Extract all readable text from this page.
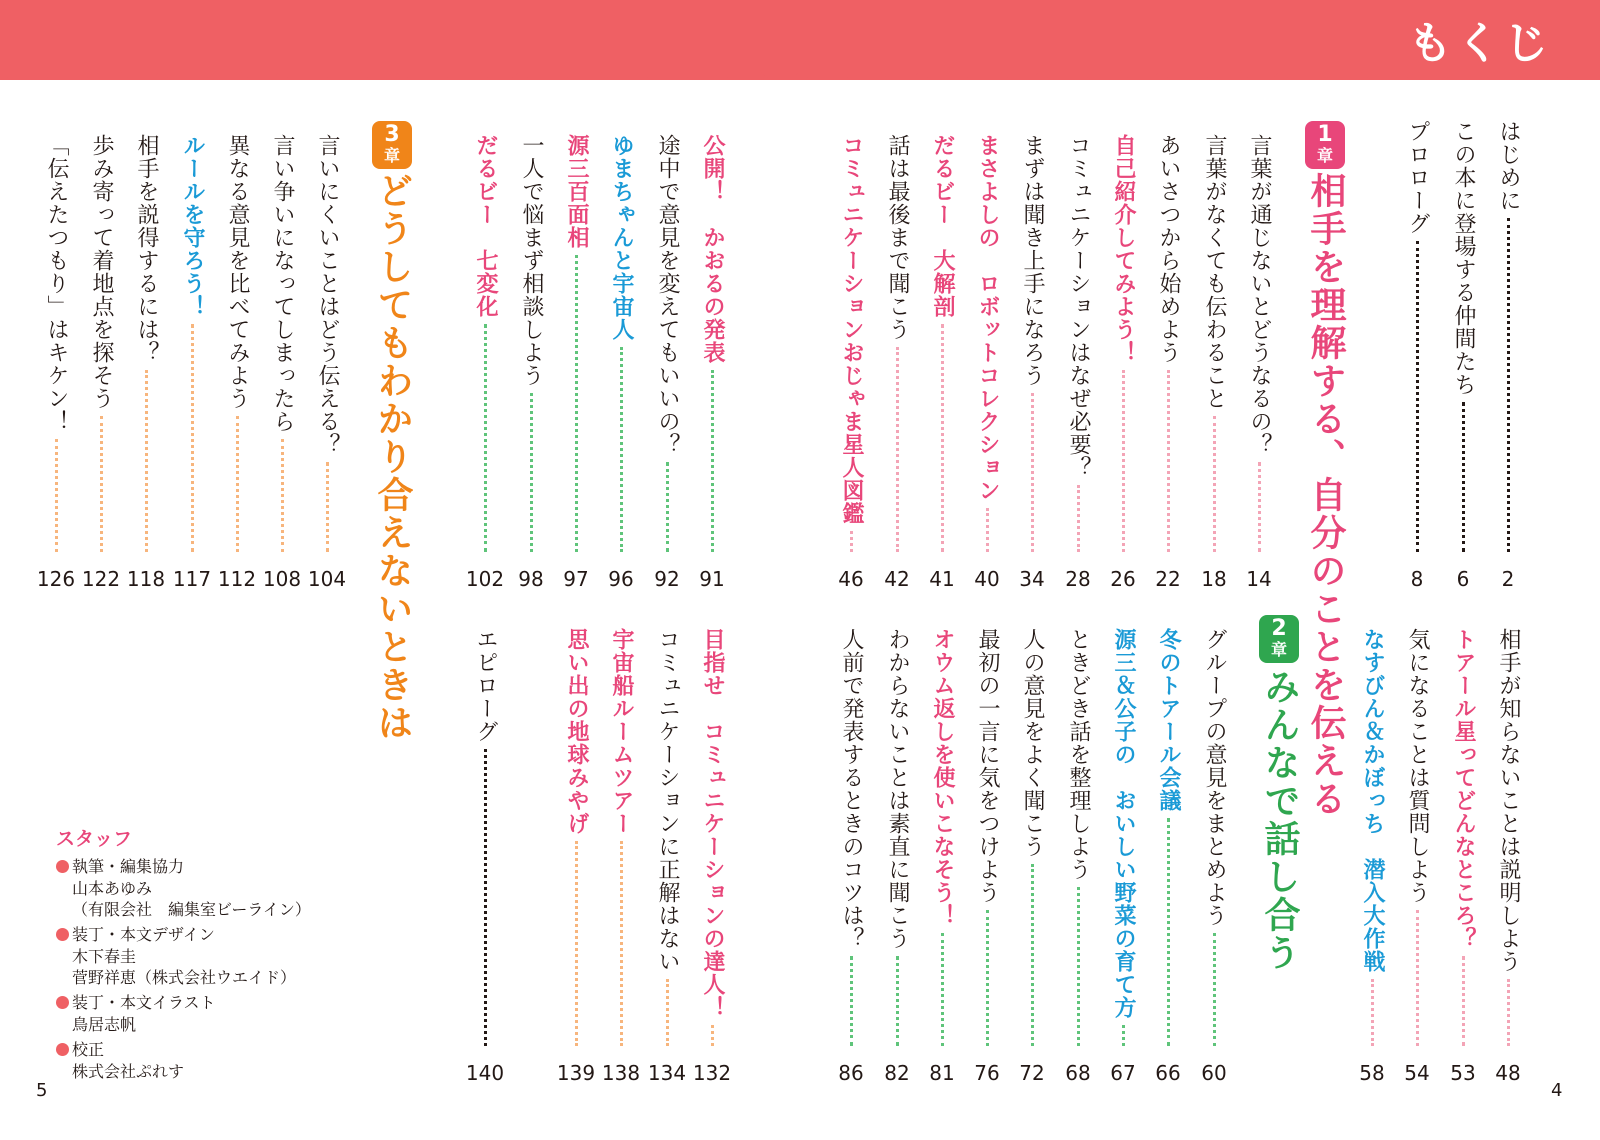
もくじ
1
章
相手を理解する、自分のことを伝える
2
章
みんなで話し合う
3
章
どうしてもわかり合えないときは
はじめに
2
この本に登場する仲間たち
6
プロローグ
8
言葉が通じないとどうなるの？
14
言葉がなくても伝わること
18
あいさつから始めよう
22
自己紹介してみよう！
26
コミュニケーションはなぜ必要？
28
まずは聞き上手になろう
34
まさよしの　ロボットコレクション
40
だるビー　大解剖
41
話は最後まで聞こう
42
コミュニケーションおじゃま星人図鑑
46
公開！　かおるの発表
91
途中で意見を変えてもいいの？
92
ゆまちゃんと宇宙人
96
源三百面相
97
一人で悩まず相談しよう
98
だるビー　七変化
102
言いにくいことはどう伝える？
104
言い争いになってしまったら
108
異なる意見を比べてみよう
112
ルールを守ろう！
117
相手を説得するには？
118
歩み寄って着地点を探そう
122
「伝えたつもり」はキケン！
126
相手が知らないことは説明しよう
48
トアール星ってどんなところ？
53
気になることは質問しよう
54
なすびん＆かぼっち　潜入大作戦
58
グループの意見をまとめよう
60
冬のトアール会議
66
源三＆公子の　おいしい野菜の育て方
67
ときどき話を整理しよう
68
人の意見をよく聞こう
72
最初の一言に気をつけよう
76
オウム返しを使いこなそう！
81
わからないことは素直に聞こう
82
人前で発表するときのコツは？
86
目指せ　コミュニケーションの達人！
132
コミュニケーションに正解はない
134
宇宙船ルームツアー
138
思い出の地球みやげ
139
エピローグ
140
スタッフ
執筆・編集協力
山本あゆみ
（有限会社　編集室ビーライン）
装丁・本文デザイン
木下春圭
菅野祥恵（株式会社ウエイド）
装丁・本文イラスト
鳥居志帆
校正
株式会社ぷれす
5	4
